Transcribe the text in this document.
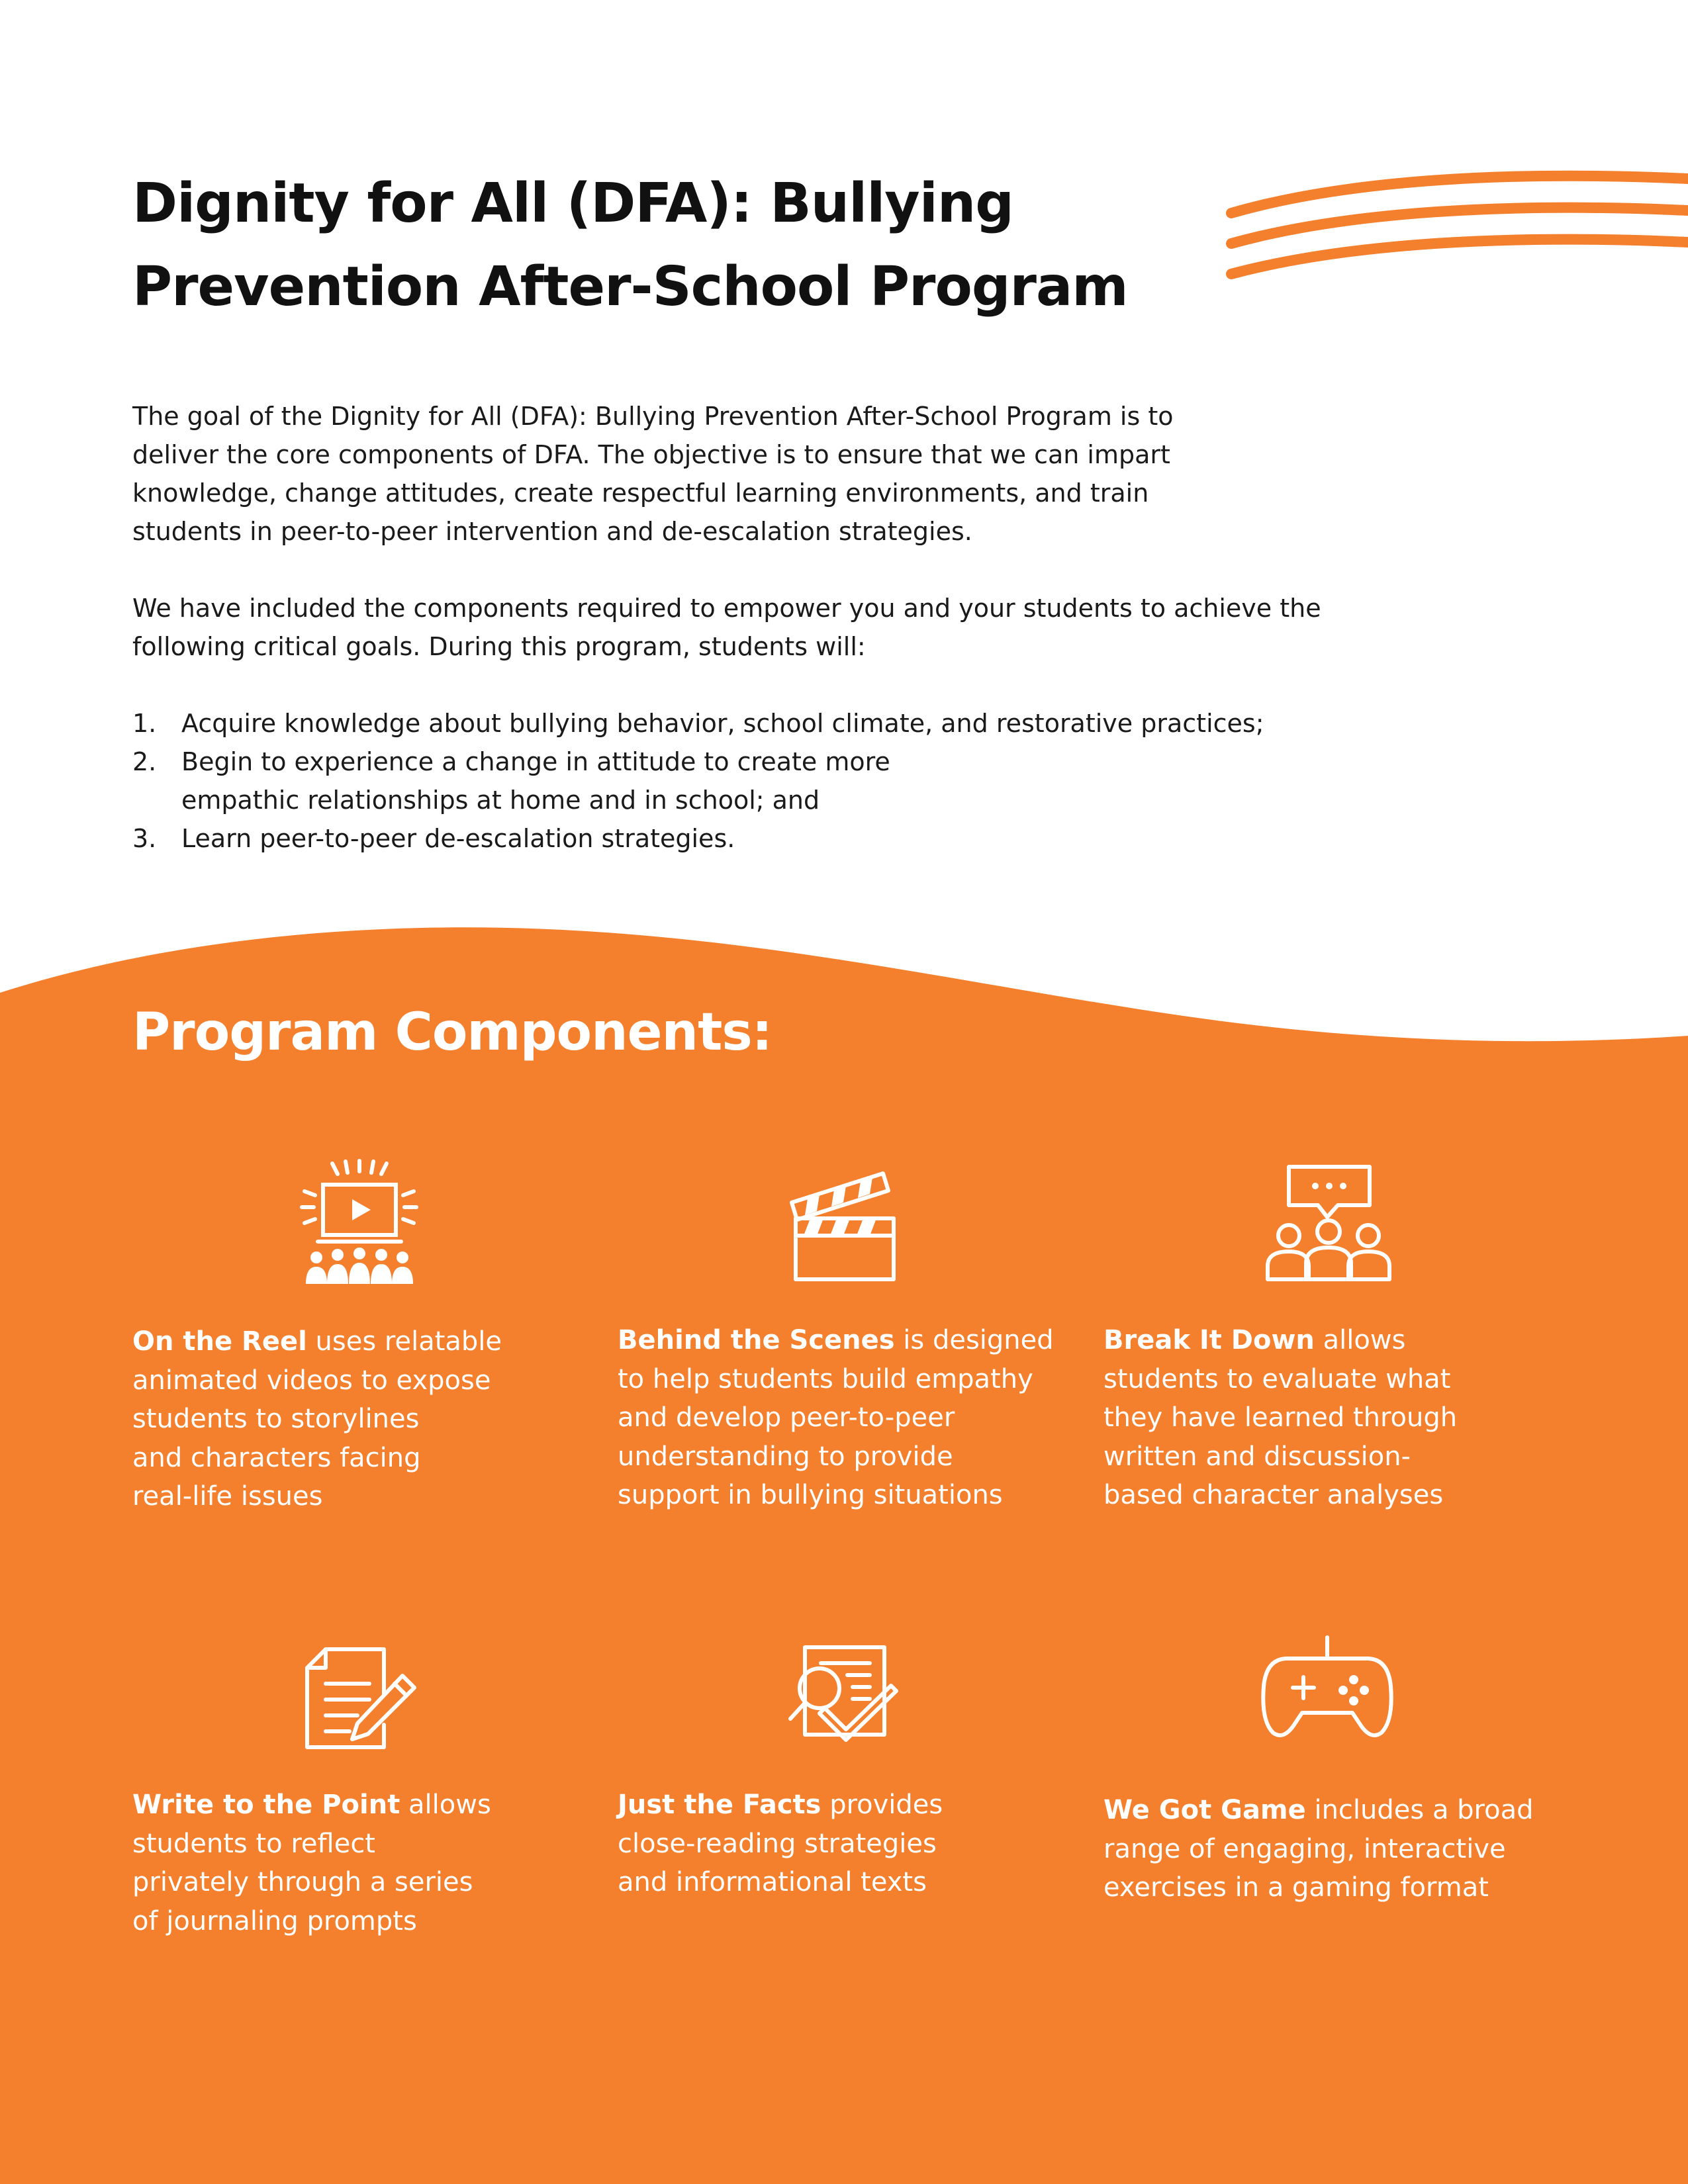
Dignity for All (DFA): Bullying
Prevention After-School Program

The goal of the Dignity for All (DFA): Bullying Prevention After-School Program is to
deliver the core components of DFA. The objective is to ensure that we can impart
knowledge, change attitudes, create respectful learning environments, and train
students in peer-to-peer intervention and de-escalation strategies.

We have included the components required to empower you and your students to achieve the
following critical goals. During this program, students will:

1. Acquire knowledge about bullying behavior, school climate, and restorative practices;
2. Begin to experience a change in attitude to create more
empathic relationships at home and in school; and
3. Learn peer-to-peer de-escalation strategies.
Program Components:
On the Reel uses relatable
animated videos to expose
students to storylines
and characters facing
real-life issues
Behind the Scenes is designed
to help students build empathy
and develop peer-to-peer
understanding to provide
support in bullying situations
Break It Down allows
students to evaluate what
they have learned through
written and discussion-
based character analyses
Write to the Point allows
students to reflect
privately through a series
of journaling prompts
Just the Facts provides
close-reading strategies
and informational texts
We Got Game includes a broad
range of engaging, interactive
exercises in a gaming format
